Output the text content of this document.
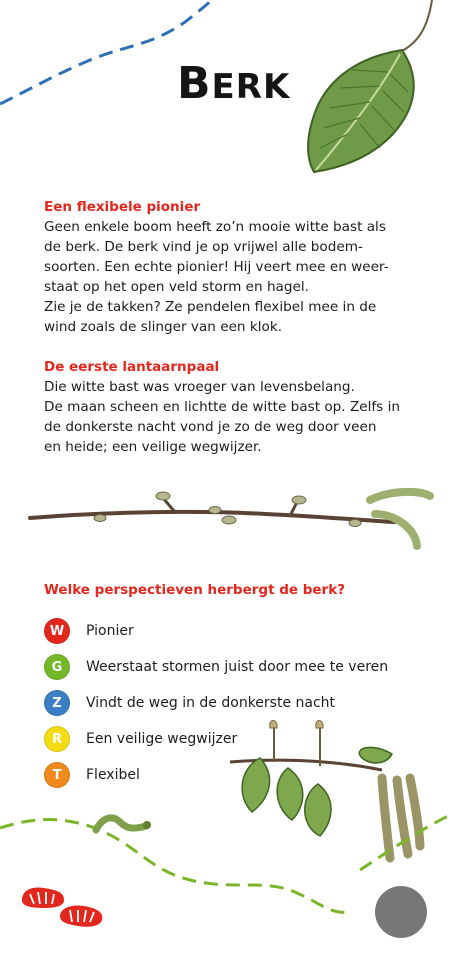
BERK
Een flexibele pionier
Geen enkele boom heeft zo’n mooie witte bast als
de berk. De berk vind je op vrijwel alle bodem-
soorten. Een echte pionier! Hij veert mee en weer-
staat op het open veld storm en hagel.
Zie je de takken? Ze pendelen flexibel mee in de
wind zoals de slinger van een klok.
De eerste lantaarnpaal
Die witte bast was vroeger van levensbelang.
De maan scheen en lichtte de witte bast op. Zelfs in
de donkerste nacht vond je zo de weg door veen
en heide; een veilige wegwijzer.
Welke perspectieven herbergt de berk?
W	Pionier
G	Weerstaat stormen juist door mee te veren
Z	Vindt de weg in de donkerste nacht
R	Een veilige wegwijzer
T	Flexibel
